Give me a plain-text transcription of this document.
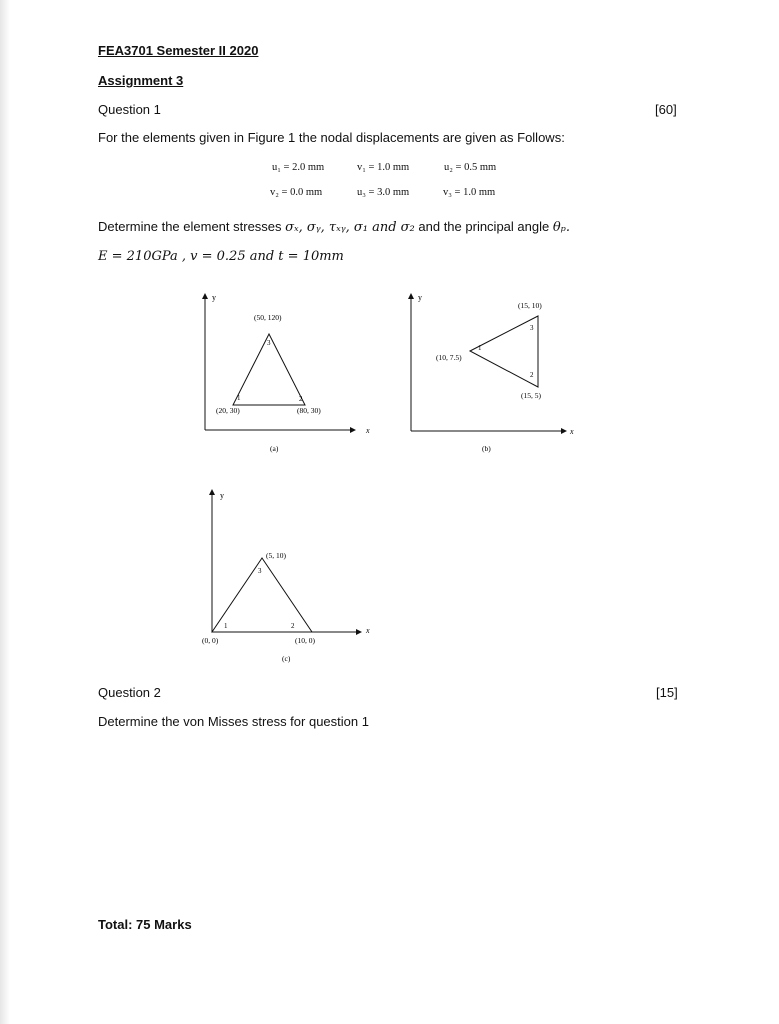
FEA3701 Semester II 2020
Assignment 3
Question 1	[60]
For the elements given in Figure 1 the nodal displacements are given as Follows:
u₁ = 2.0 mm	v₁ = 1.0 mm	u₂ = 0.5 mm
v₂ = 0.0 mm	u₃ = 3.0 mm	v₃ = 1.0 mm
Determine the element stresses σₓ, σᵧ, τₓᵧ, σ₁ and σ₂ and the principal angle θₚ.
E = 210GPa , v = 0.25 and t = 10mm
y
x
(50, 120)
3
1	2
(20, 30)	(80, 30)
(a)
y
x
(15, 10)
3
1
(10, 7.5)
2
(15, 5)
(b)
y
x
(5, 10)
3
1	2
(0, 0)	(10, 0)
(c)
Question 2	[15]
Determine the von Misses stress for question 1
Total: 75 Marks
